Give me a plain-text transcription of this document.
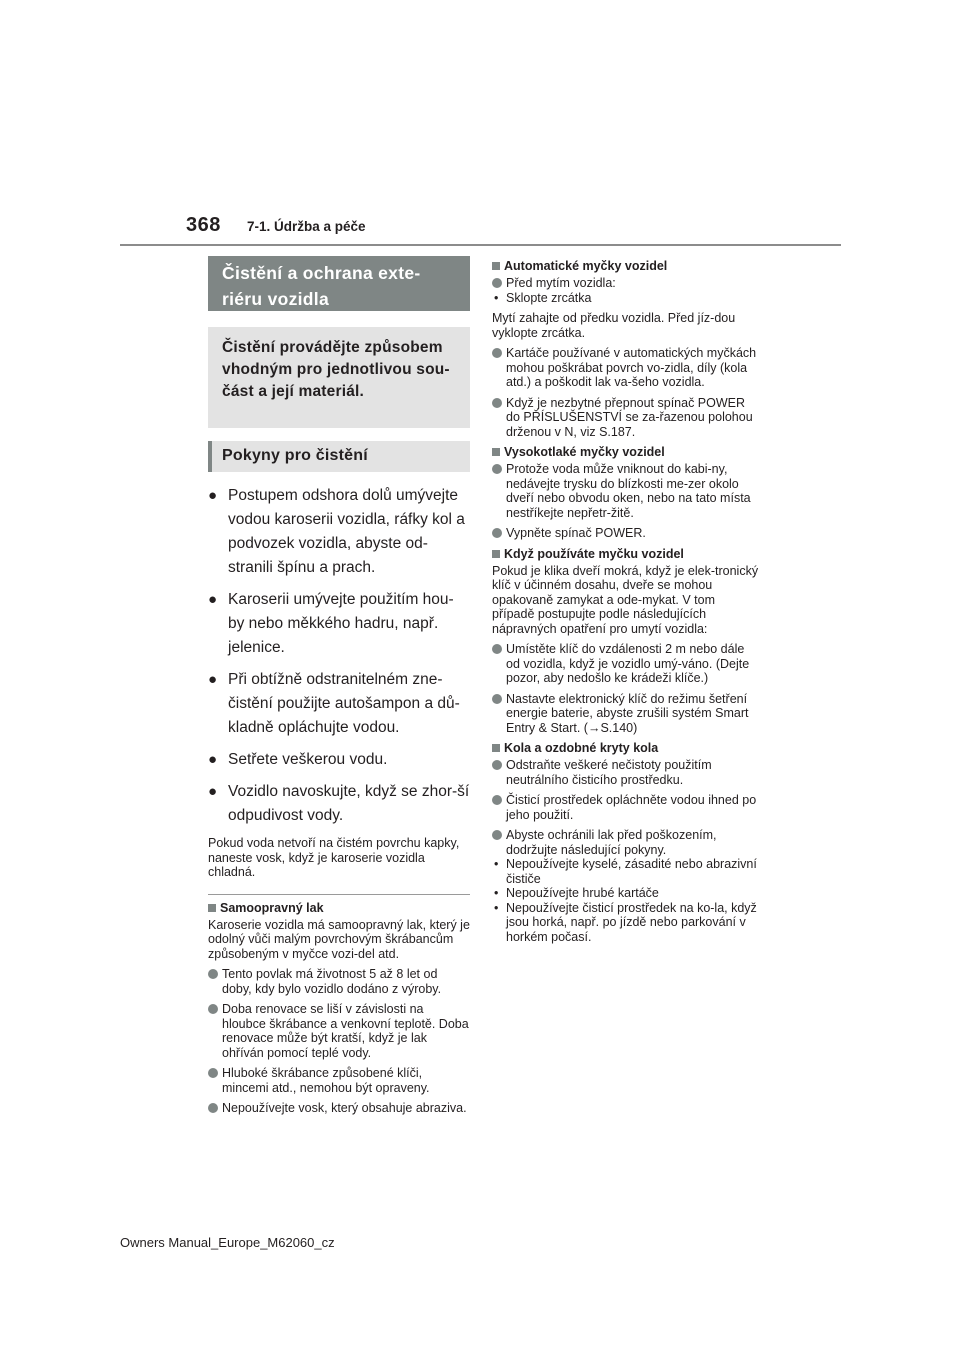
368 7-1. Údržba a péče
Čistění a ochrana exte-riéru vozidla
Čistění provádějte způsobem vhodným pro jednotlivou sou-část a její materiál.
Pokyny pro čistění
● Postupem odshora dolů umývejte vodou karoserii vozidla, ráfky kol a podvozek vozidla, abyste od-stranili špínu a prach.
● Karoserii umývejte použitím hou-by nebo měkkého hadru, např. jelenice.
● Při obtížně odstranitelném zne-čistění použijte autošampon a dů-kladně opláchujte vodou.
● Setřete veškerou vodu.
● Vozidlo navoskujte, když se zhor-ší odpudivost vody.
Pokud voda netvoří na čistém povrchu kapky, naneste vosk, když je karoserie vozidla chladná.
Samoopravný lak
Karoserie vozidla má samoopravný lak, který je odolný vůči malým povrchovým škrábancům způsobeným v myčce vozi-del atd.
Tento povlak má životnost 5 až 8 let od doby, kdy bylo vozidlo dodáno z výroby.
Doba renovace se liší v závislosti na hloubce škrábance a venkovní teplotě. Doba renovace může být kratší, když je lak ohříván pomocí teplé vody.
Hluboké škrábance způsobené klíči, mincemi atd., nemohou být opraveny.
Nepoužívejte vosk, který obsahuje abraziva.
Automatické myčky vozidel
Před mytím vozidla:
• Sklopte zrcátka
Mytí zahajte od předku vozidla. Před jíz-dou vyklopte zrcátka.
Kartáče používané v automatických myčkách mohou poškrábat povrch vo-zidla, díly (kola atd.) a poškodit lak va-šeho vozidla.
Když je nezbytné přepnout spínač POWER do PŘÍSLUŠENSTVÍ se za-řazenou polohou drženou v N, viz S.187.
Vysokotlaké myčky vozidel
Protože voda může vniknout do kabi-ny, nedávejte trysku do blízkosti me-zer okolo dveří nebo obvodu oken, nebo na tato místa nestříkejte nepřetr-žitě.
Vypněte spínač POWER.
Když používáte myčku vozidel
Pokud je klika dveří mokrá, když je elek-tronický klíč v účinném dosahu, dveře se mohou opakovaně zamykat a ode-mykat. V tom případě postupujte podle následujících nápravných opatření pro umytí vozidla:
Umístěte klíč do vzdálenosti 2 m nebo dále od vozidla, když je vozidlo umý-váno. (Dejte pozor, aby nedošlo ke krádeži klíče.)
Nastavte elektronický klíč do režimu šetření energie baterie, abyste zrušili systém Smart Entry & Start. (→S.140)
Kola a ozdobné kryty kola
Odstraňte veškeré nečistoty použitím neutrálního čisticího prostředku.
Čisticí prostředek opláchněte vodou ihned po jeho použití.
Abyste ochránili lak před poškozením, dodržujte následující pokyny.
• Nepoužívejte kyselé, zásadité nebo abrazivní čističe
• Nepoužívejte hrubé kartáče
• Nepoužívejte čisticí prostředek na ko-la, když jsou horká, např. po jízdě nebo parkování v horkém počasí.
Owners Manual_Europe_M62060_cz
